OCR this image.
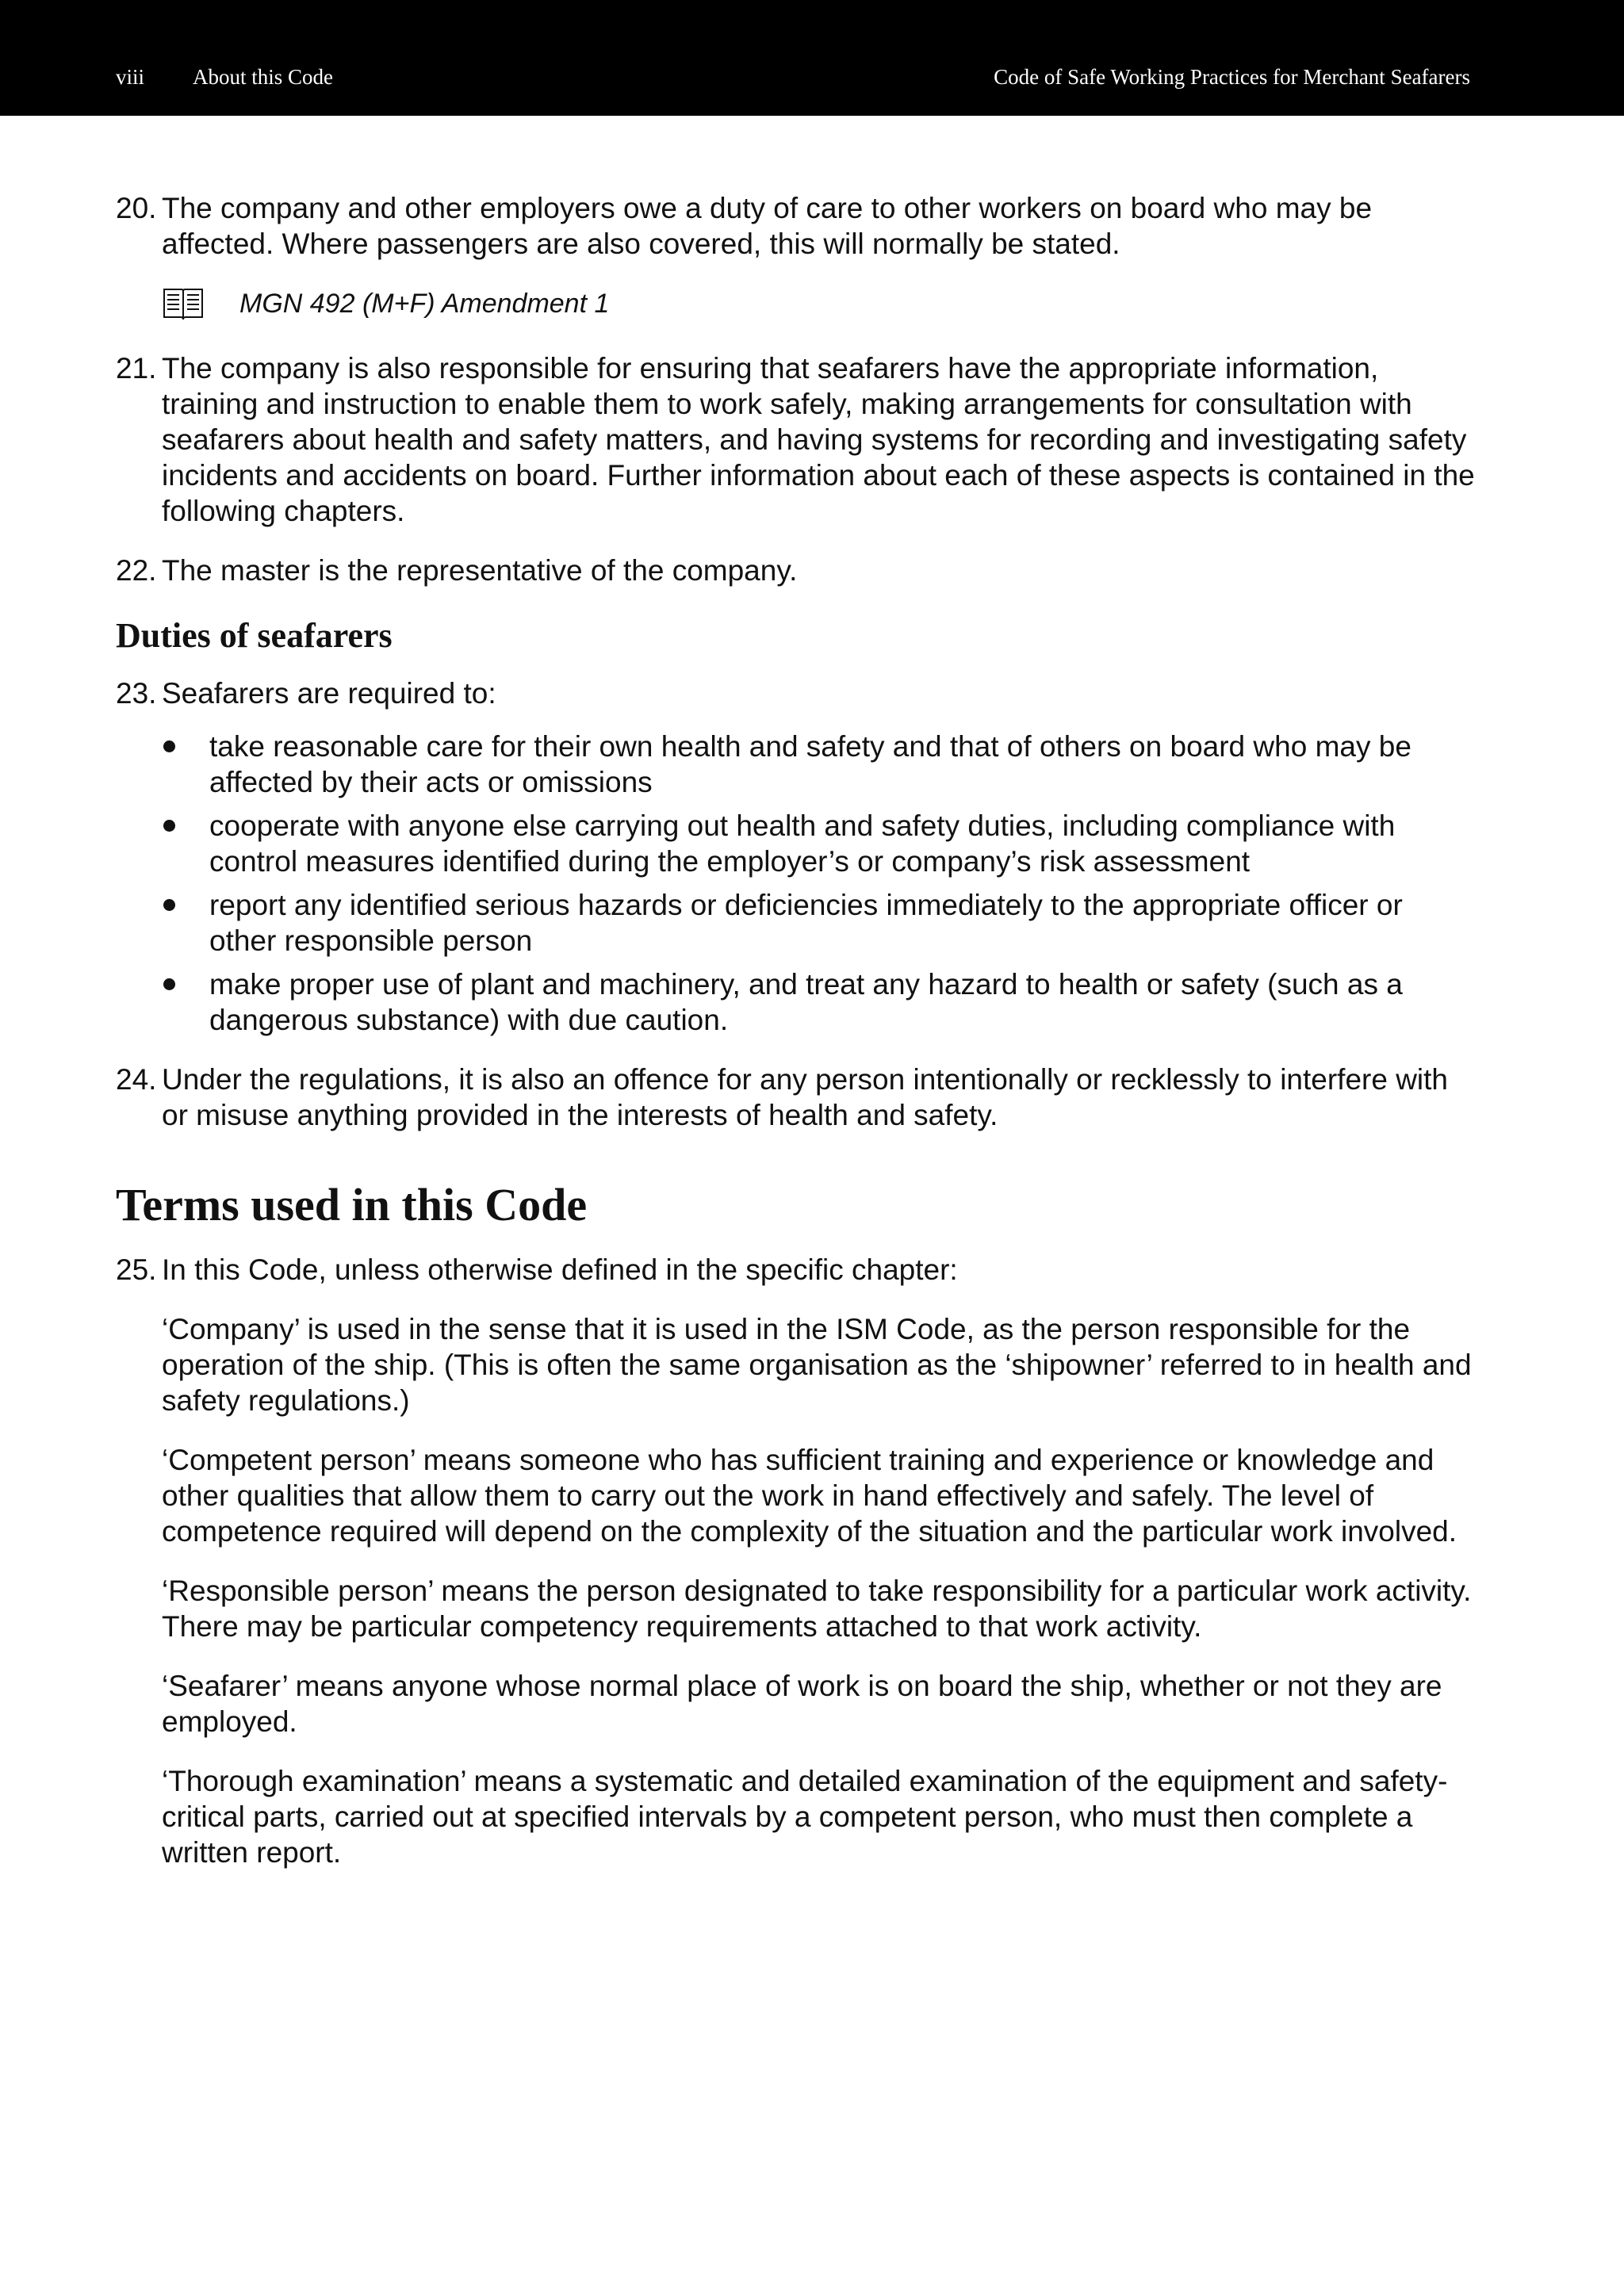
viii About this Code	Code of Safe Working Practices for Merchant Seafarers
20. The company and other employers owe a duty of care to other workers on board who may be affected. Where passengers are also covered, this will normally be stated.
MGN 492 (M+F) Amendment 1
21. The company is also responsible for ensuring that seafarers have the appropriate information, training and instruction to enable them to work safely, making arrangements for consultation with seafarers about health and safety matters, and having systems for recording and investigating safety incidents and accidents on board. Further information about each of these aspects is contained in the following chapters.
22. The master is the representative of the company.
Duties of seafarers
23. Seafarers are required to:
take reasonable care for their own health and safety and that of others on board who may be affected by their acts or omissions
cooperate with anyone else carrying out health and safety duties, including compliance with control measures identified during the employer’s or company’s risk assessment
report any identified serious hazards or deficiencies immediately to the appropriate officer or other responsible person
make proper use of plant and machinery, and treat any hazard to health or safety (such as a dangerous substance) with due caution.
24. Under the regulations, it is also an offence for any person intentionally or recklessly to interfere with or misuse anything provided in the interests of health and safety.
Terms used in this Code
25. In this Code, unless otherwise defined in the specific chapter:

‘Company’ is used in the sense that it is used in the ISM Code, as the person responsible for the operation of the ship. (This is often the same organisation as the ‘shipowner’ referred to in health and safety regulations.)

‘Competent person’ means someone who has sufficient training and experience or knowledge and other qualities that allow them to carry out the work in hand effectively and safely. The level of competence required will depend on the complexity of the situation and the particular work involved.

‘Responsible person’ means the person designated to take responsibility for a particular work activity. There may be particular competency requirements attached to that work activity.

‘Seafarer’ means anyone whose normal place of work is on board the ship, whether or not they are employed.

‘Thorough examination’ means a systematic and detailed examination of the equipment and safety-critical parts, carried out at specified intervals by a competent person, who must then complete a written report.
